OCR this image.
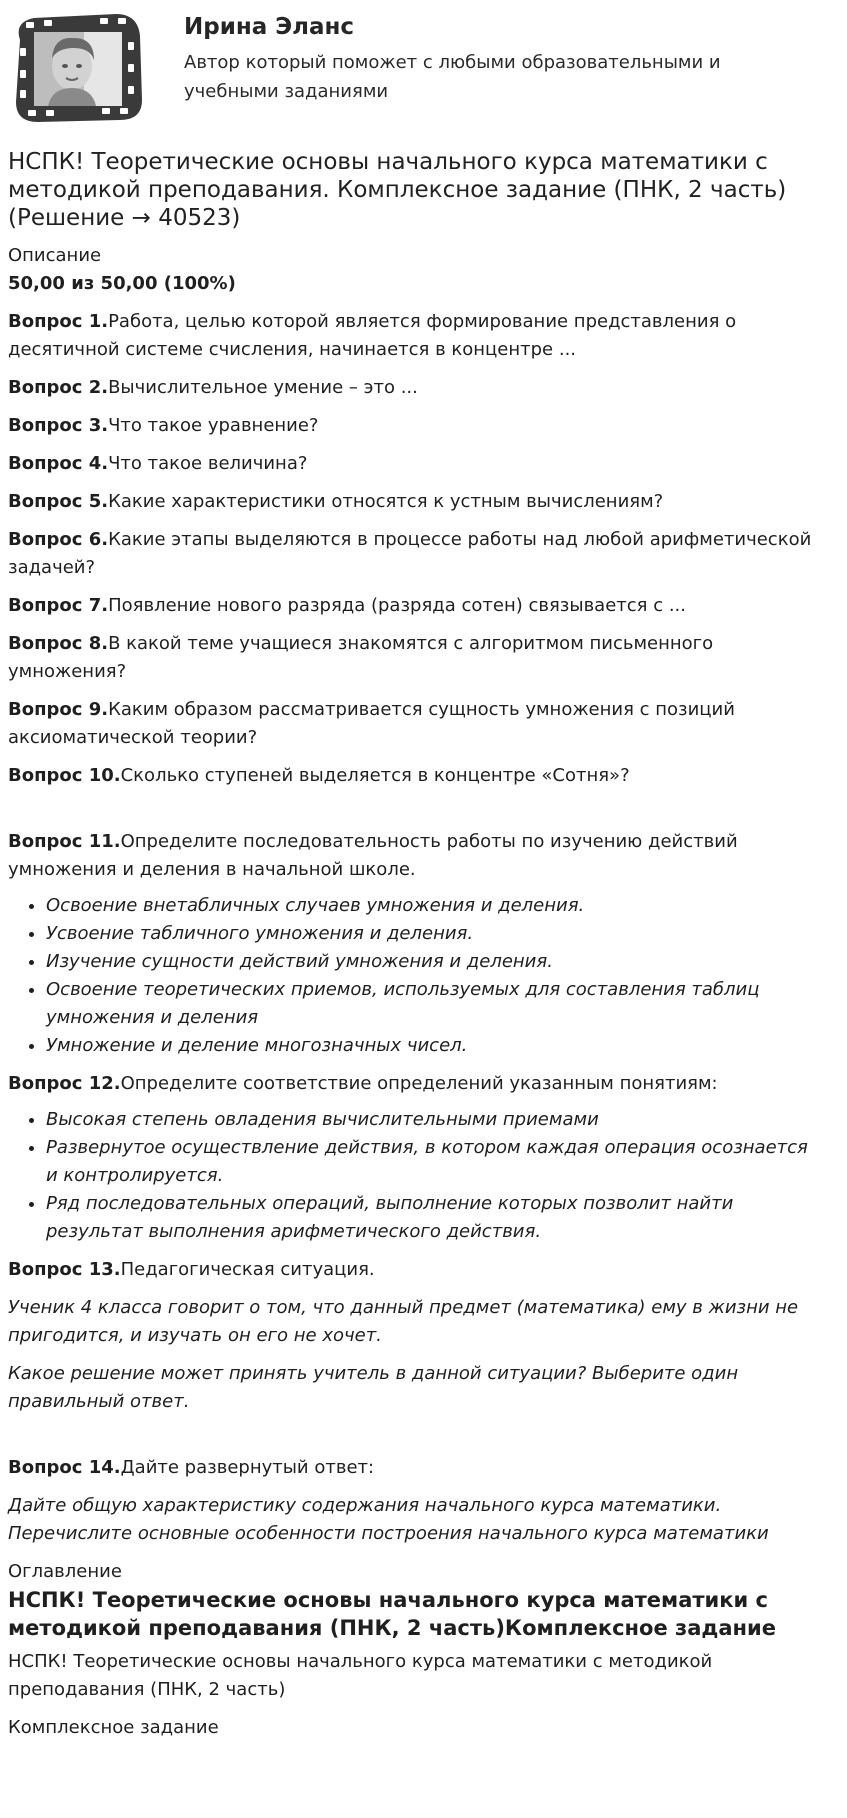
Ирина Эланс
Автор который поможет с любыми образовательными и учебными заданиями
НСПК! Теоретические основы начального курса математики с методикой преподавания. Комплексное задание (ПНК, 2 часть) (Решение → 40523)

Описание

50,00 из 50,00 (100%)

Вопрос 1.Работа, целью которой является формирование представления о десятичной системе счисления, начинается в концентре ...

Вопрос 2.Вычислительное умение – это ...

Вопрос 3.Что такое уравнение?

Вопрос 4.Что такое величина?

Вопрос 5.Какие характеристики относятся к устным вычислениям?

Вопрос 6.Какие этапы выделяются в процессе работы над любой арифметической задачей?

Вопрос 7.Появление нового разряда (разряда сотен) связывается с ...

Вопрос 8.В какой теме учащиеся знакомятся с алгоритмом письменного умножения?

Вопрос 9.Каким образом рассматривается сущность умножения с позиций аксиоматической теории?

Вопрос 10.Сколько ступеней выделяется в концентре «Сотня»?

Вопрос 11.Определите последовательность работы по изучению действий умножения и деления в начальной школе.

• Освоение внетабличных случаев умножения и деления.
• Усвоение табличного умножения и деления.
• Изучение сущности действий умножения и деления.
• Освоение теоретических приемов, используемых для составления таблиц умножения и деления
• Умножение и деление многозначных чисел.

Вопрос 12.Определите соответствие определений указанным понятиям:

• Высокая степень овладения вычислительными приемами
• Развернутое осуществление действия, в котором каждая операция осознается и контролируется.
• Ряд последовательных операций, выполнение которых позволит найти результат выполнения арифметического действия.

Вопрос 13.Педагогическая ситуация.

Ученик 4 класса говорит о том, что данный предмет (математика) ему в жизни не пригодится, и изучать он его не хочет.

Какое решение может принять учитель в данной ситуации? Выберите один правильный ответ.

Вопрос 14.Дайте развернутый ответ:

Дайте общую характеристику содержания начального курса математики. Перечислите основные особенности построения начального курса математики

Оглавление

НСПК! Теоретические основы начального курса математики с методикой преподавания (ПНК, 2 часть)Комплексное задание

НСПК! Теоретические основы начального курса математики с методикой преподавания (ПНК, 2 часть)

Комплексное задание
